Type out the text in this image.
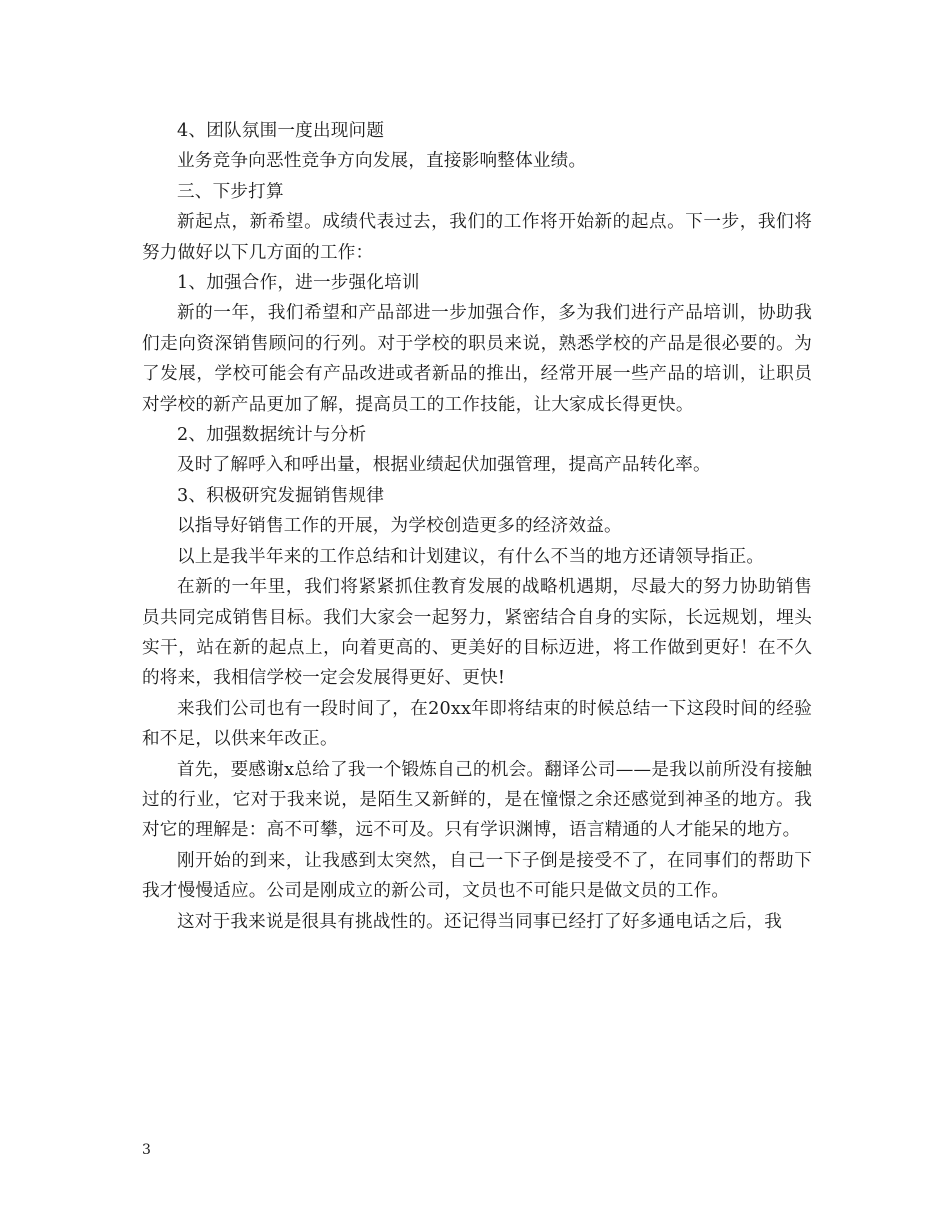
4、团队氛围一度出现问题

业务竞争向恶性竞争方向发展，直接影响整体业绩。

三、下步打算

新起点，新希望。成绩代表过去，我们的工作将开始新的起点。下一步，我们将努力做好以下几方面的工作：

1、加强合作，进一步强化培训

新的一年，我们希望和产品部进一步加强合作，多为我们进行产品培训，协助我们走向资深销售顾问的行列。对于学校的职员来说，熟悉学校的产品是很必要的。为了发展，学校可能会有产品改进或者新品的推出，经常开展一些产品的培训，让职员对学校的新产品更加了解，提高员工的工作技能，让大家成长得更快。

2、加强数据统计与分析

及时了解呼入和呼出量，根据业绩起伏加强管理，提高产品转化率。

3、积极研究发掘销售规律

以指导好销售工作的开展，为学校创造更多的经济效益。

以上是我半年来的工作总结和计划建议，有什么不当的地方还请领导指正。

在新的一年里，我们将紧紧抓住教育发展的战略机遇期，尽最大的努力协助销售员共同完成销售目标。我们大家会一起努力，紧密结合自身的实际，长远规划，埋头实干，站在新的起点上，向着更高的、更美好的目标迈进，将工作做到更好！在不久的将来，我相信学校一定会发展得更好、更快!

来我们公司也有一段时间了，在20xx年即将结束的时候总结一下这段时间的经验和不足，以供来年改正。

首先，要感谢x总给了我一个锻炼自己的机会。翻译公司——是我以前所没有接触过的行业，它对于我来说，是陌生又新鲜的，是在憧憬之余还感觉到神圣的地方。我对它的理解是：高不可攀，远不可及。只有学识渊博，语言精通的人才能呆的地方。

刚开始的到来，让我感到太突然，自己一下子倒是接受不了，在同事们的帮助下我才慢慢适应。公司是刚成立的新公司，文员也不可能只是做文员的工作。

这对于我来说是很具有挑战性的。还记得当同事已经打了好多通电话之后，我

3
